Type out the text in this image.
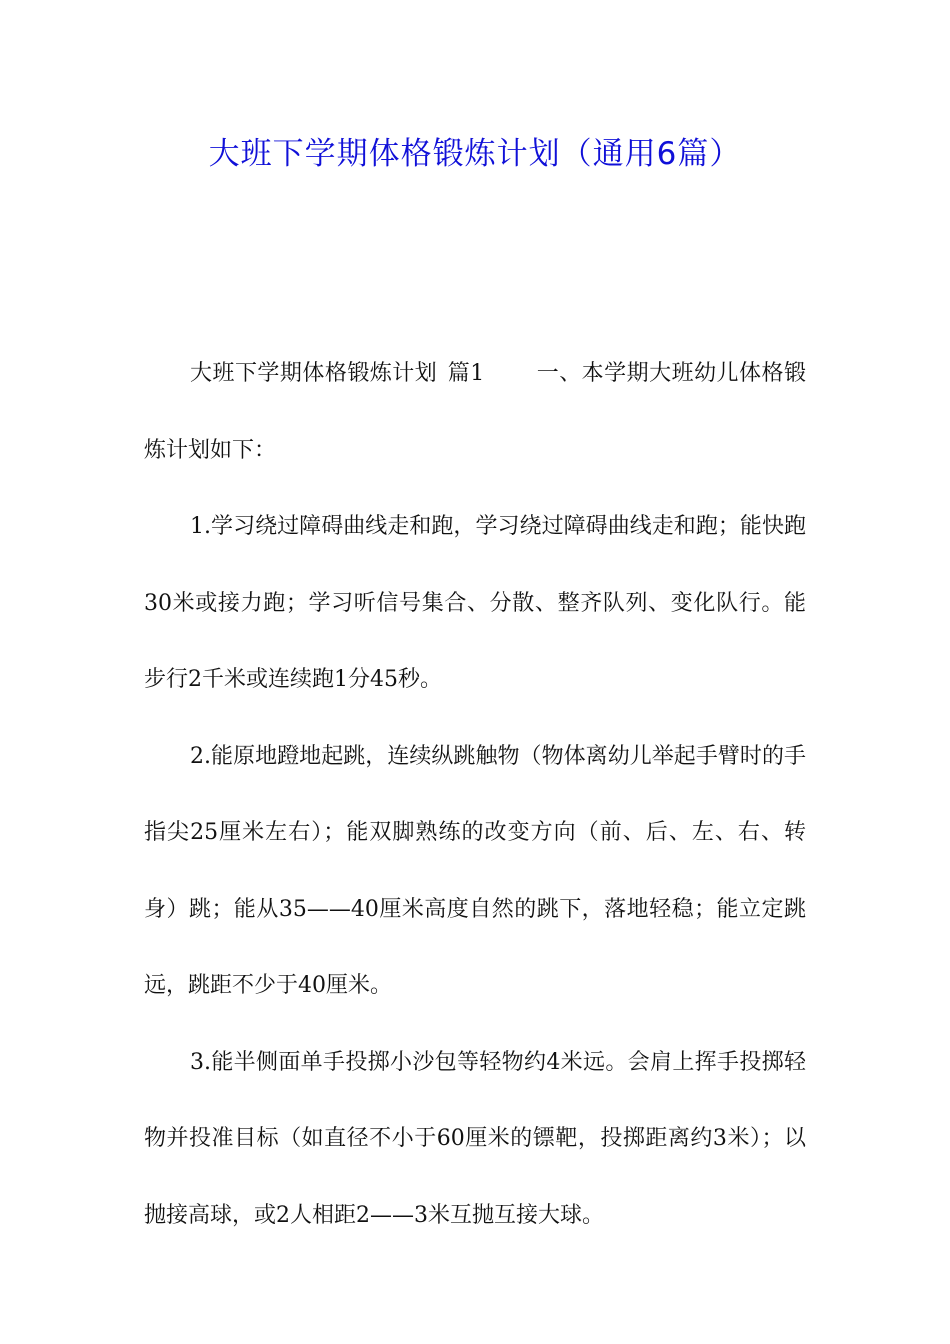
大班下学期体格锻炼计划（通用6篇）

大班下学期体格锻炼计划 篇1 一、本学期大班幼儿体格锻炼计划如下：

1.学习绕过障碍曲线走和跑，学习绕过障碍曲线走和跑；能快跑30米或接力跑；学习听信号集合、分散、整齐队列、变化队行。能步行2千米或连续跑1分45秒。

2.能原地蹬地起跳，连续纵跳触物（物体离幼儿举起手臂时的手指尖25厘米左右）；能双脚熟练的改变方向（前、后、左、右、转身）跳；能从35——40厘米高度自然的跳下，落地轻稳；能立定跳远，跳距不少于40厘米。

3.能半侧面单手投掷小沙包等轻物约4米远。会肩上挥手投掷轻物并投准目标（如直径不小于60厘米的镖靶，投掷距离约3米）；以抛接高球，或2人相距2——3米互抛互接大球。
